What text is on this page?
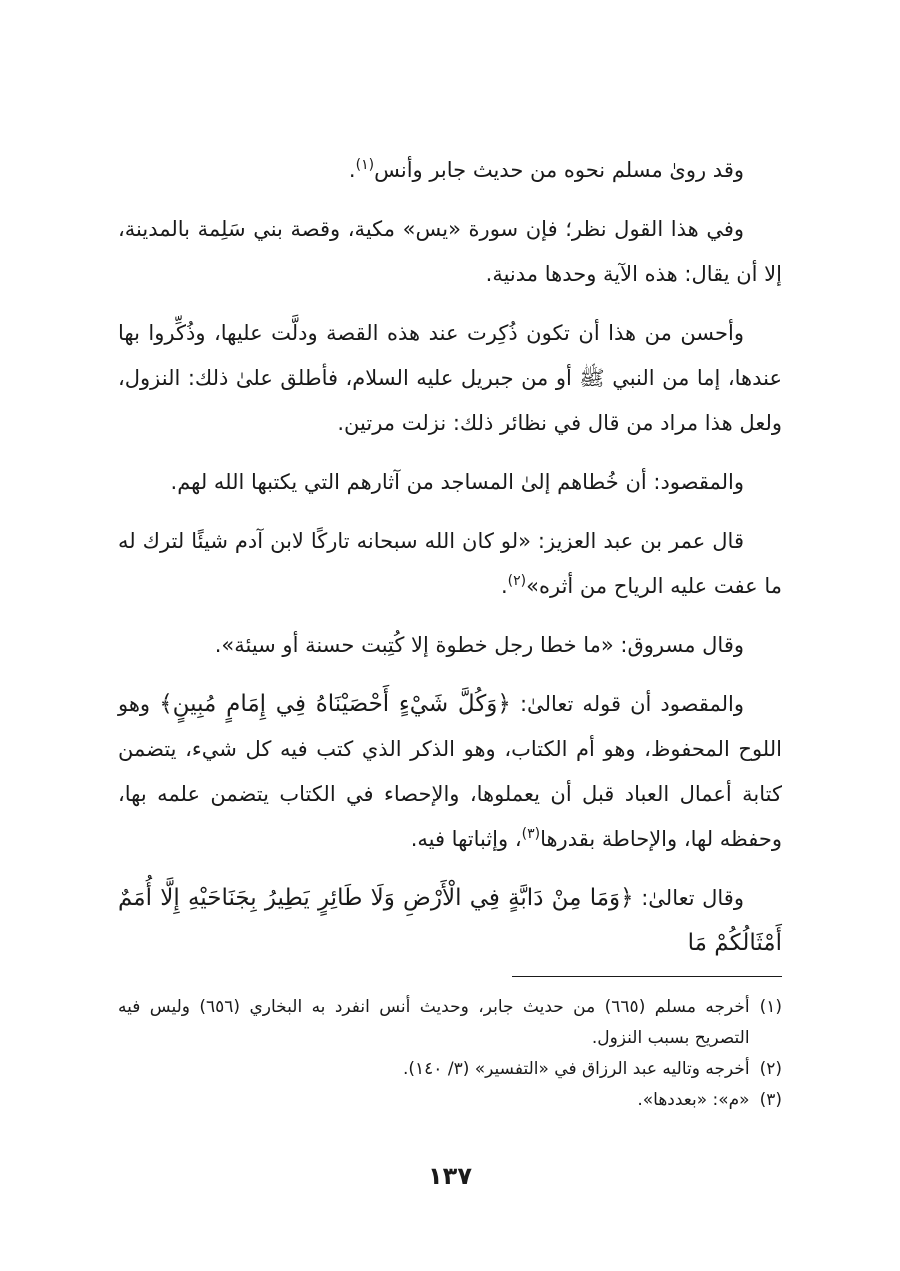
وقد روىٰ مسلم نحوه من حديث جابر وأنس$^{(١)}$.

وفي هذا القول نظر؛ فإن سورة «يس» مكية، وقصة بني سَلِمة بالمدينة، إلا أن يقال: هذه الآية وحدها مدنية.

وأحسن من هذا أن تكون ذُكِرت عند هذه القصة ودلَّت عليها، وذُكِّروا بها عندها، إما من النبي ﷺ أو من جبريل عليه السلام، فأطلق علىٰ ذلك: النزول، ولعل هذا مراد من قال في نظائر ذلك: نزلت مرتين.

والمقصود: أن خُطاهم إلىٰ المساجد من آثارهم التي يكتبها الله لهم.

قال عمر بن عبد العزيز: «لو كان الله سبحانه تاركًا لابن آدم شيئًا لترك له ما عفت عليه الرياح من أثره»$^{(٢)}$.

وقال مسروق: «ما خطا رجل خطوة إلا كُتِبت حسنة أو سيئة».

والمقصود أن قوله تعالىٰ: ﴿وَكُلَّ شَيْءٍ أَحْصَيْنَاهُ فِي إِمَامٍ مُبِينٍ﴾ وهو اللوح المحفوظ، وهو أم الكتاب، وهو الذكر الذي كتب فيه كل شيء، يتضمن كتابة أعمال العباد قبل أن يعملوها، والإحصاء في الكتاب يتضمن علمه بها، وحفظه لها، والإحاطة بقدرها$^{(٣)}$، وإثباتها فيه.

وقال تعالىٰ: ﴿وَمَا مِنْ دَابَّةٍ فِي الْأَرْضِ وَلَا طَائِرٍ يَطِيرُ بِجَنَاحَيْهِ إِلَّا أُمَمٌ أَمْثَالُكُمْ مَا

(١)
أخرجه مسلم (٦٦٥) من حديث جابر، وحديث أنس انفرد به البخاري (٦٥٦) وليس فيه التصريح بسبب النزول.
(٢)
أخرجه وتاليه عبد الرزاق في «التفسير» (٣/ ١٤٠).
(٣)
«م»: «بعددها».
١٣٧
